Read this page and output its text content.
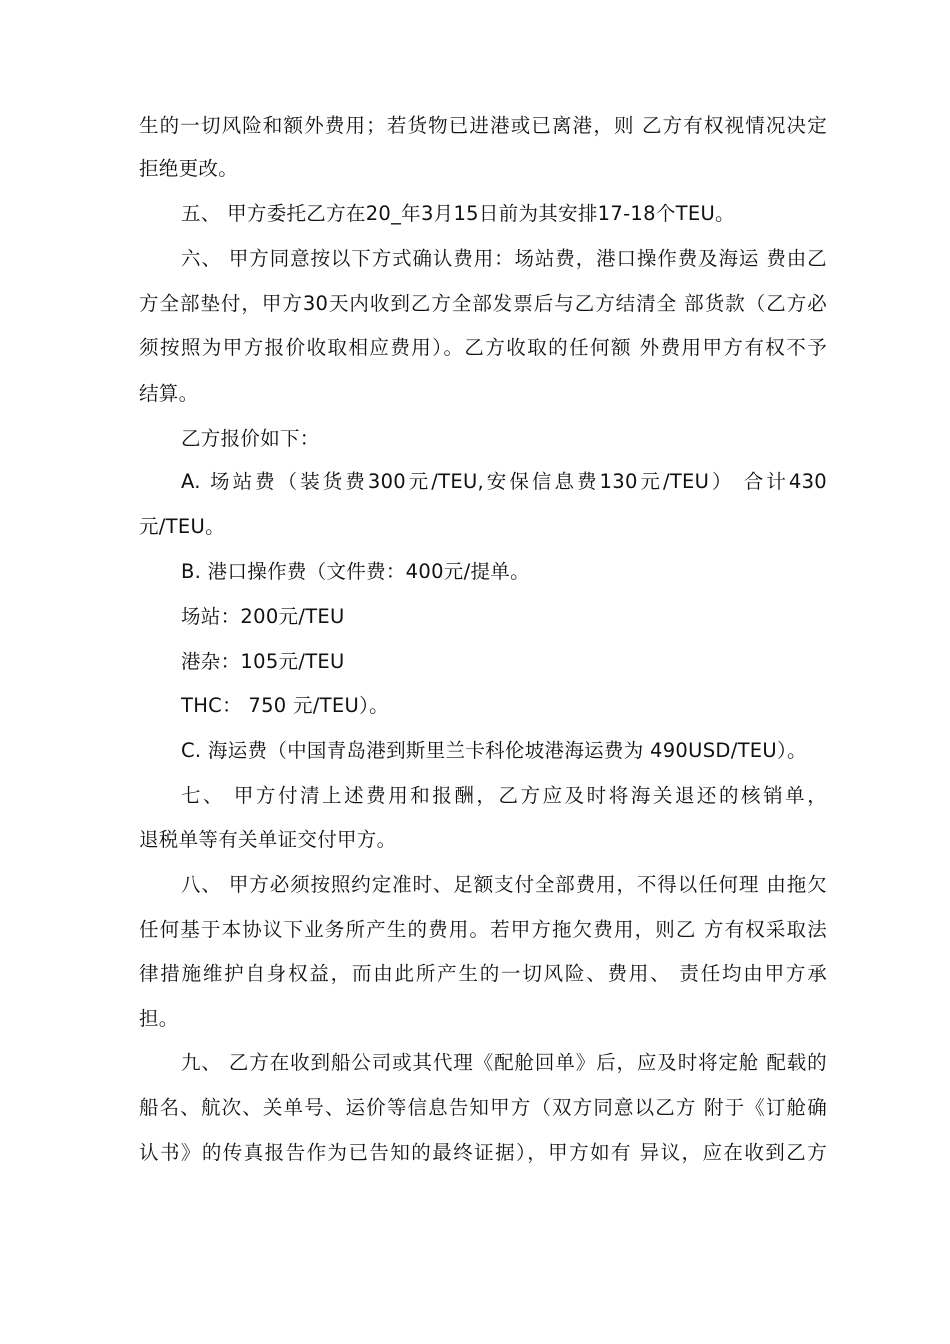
生的一切风险和额外费用；若货物已进港或已离港，则 乙方有权视情况决定
拒绝更改。
五、 甲方委托乙方在20_年3月15日前为其安排17-18个TEU。
六、 甲方同意按以下方式确认费用：场站费，港口操作费及海运 费由乙
方全部垫付，甲方30天内收到乙方全部发票后与乙方结清全 部货款（乙方必
须按照为甲方报价收取相应费用）。乙方收取的任何额 外费用甲方有权不予
结算。
乙方报价如下：
A. 场站费（装货费300元/TEU,安保信息费130元/TEU） 合计430
元/TEU。
B. 港口操作费（文件费：400元/提单。
场站：200元/TEU
港杂：105元/TEU
THC： 750 元/TEU）。
C. 海运费（中国青岛港到斯里兰卡科伦坡港海运费为 490USD/TEU）。
七、 甲方付清上述费用和报酬，乙方应及时将海关退还的核销单，
退税单等有关单证交付甲方。
八、 甲方必须按照约定准时、足额支付全部费用，不得以任何理 由拖欠
任何基于本协议下业务所产生的费用。若甲方拖欠费用，则乙 方有权采取法
律措施维护自身权益，而由此所产生的一切风险、费用、 责任均由甲方承
担。
九、 乙方在收到船公司或其代理《配舱回单》后，应及时将定舱 配载的
船名、航次、关单号、运价等信息告知甲方（双方同意以乙方 附于《订舱确
认书》的传真报告作为已告知的最终证据），甲方如有 异议，应在收到乙方
